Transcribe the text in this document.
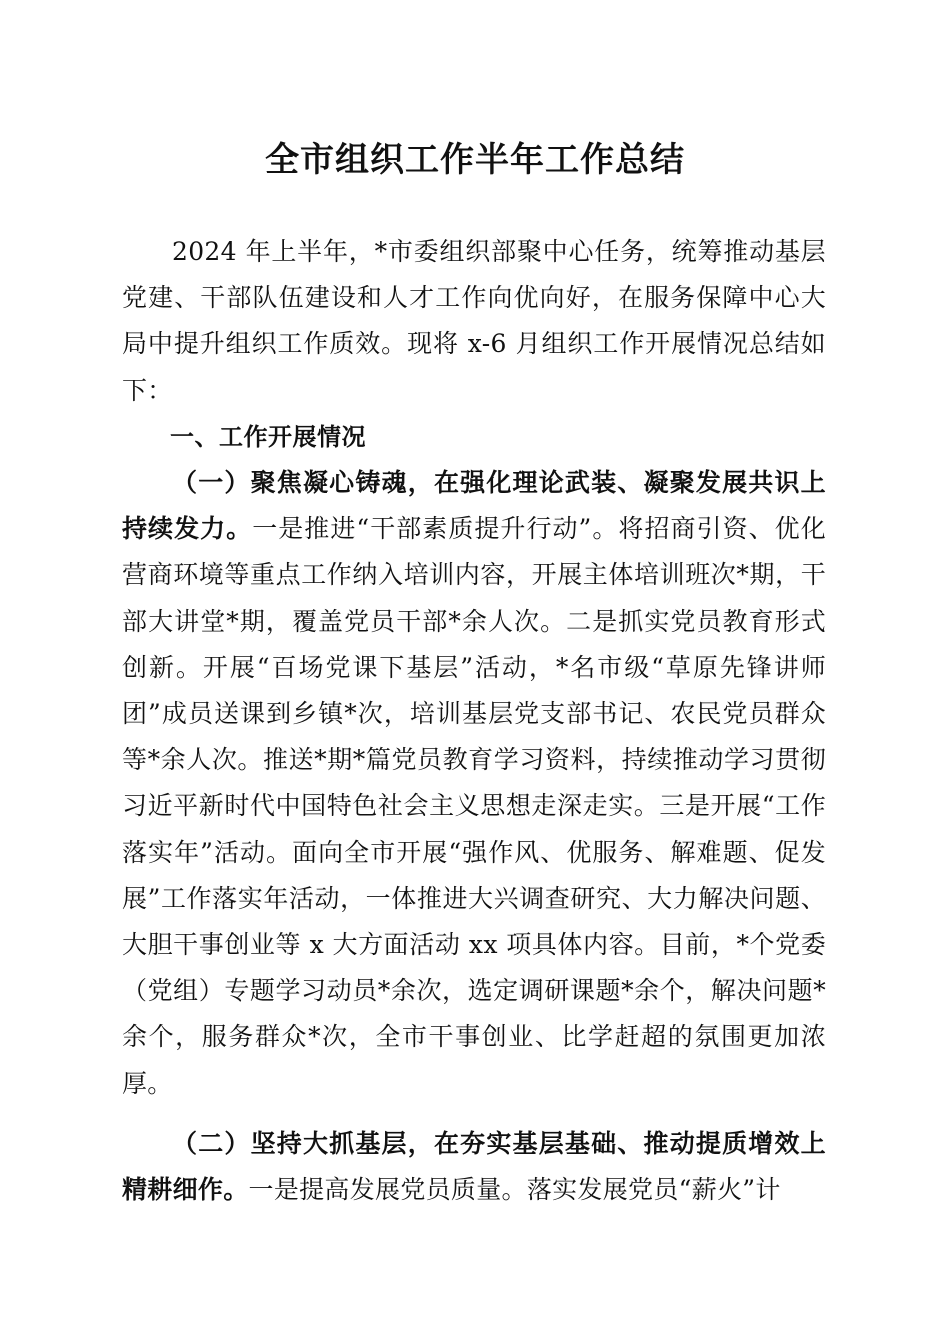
全市组织工作半年工作总结

2024 年上半年，*市委组织部聚中心任务，统筹推动基层党建、干部队伍建设和人才工作向优向好，在服务保障中心大局中提升组织工作质效。现将 x-6 月组织工作开展情况总结如下：

一、工作开展情况

（一）聚焦凝心铸魂，在强化理论武装、凝聚发展共识上持续发力。一是推进“干部素质提升行动”。将招商引资、优化营商环境等重点工作纳入培训内容，开展主体培训班次*期，干部大讲堂*期，覆盖党员干部*余人次。二是抓实党员教育形式创新。开展“百场党课下基层”活动，*名市级“草原先锋讲师团”成员送课到乡镇*次，培训基层党支部书记、农民党员群众等*余人次。推送*期*篇党员教育学习资料，持续推动学习贯彻习近平新时代中国特色社会主义思想走深走实。三是开展“工作落实年”活动。面向全市开展“强作风、优服务、解难题、促发展”工作落实年活动，一体推进大兴调查研究、大力解决问题、大胆干事创业等 x 大方面活动 xx 项具体内容。目前，*个党委（党组）专题学习动员*余次，选定调研课题*余个，解决问题*余个，服务群众*次，全市干事创业、比学赶超的氛围更加浓厚。

（二）坚持大抓基层，在夯实基层基础、推动提质增效上精耕细作。一是提高发展党员质量。落实发展党员“薪火”计
